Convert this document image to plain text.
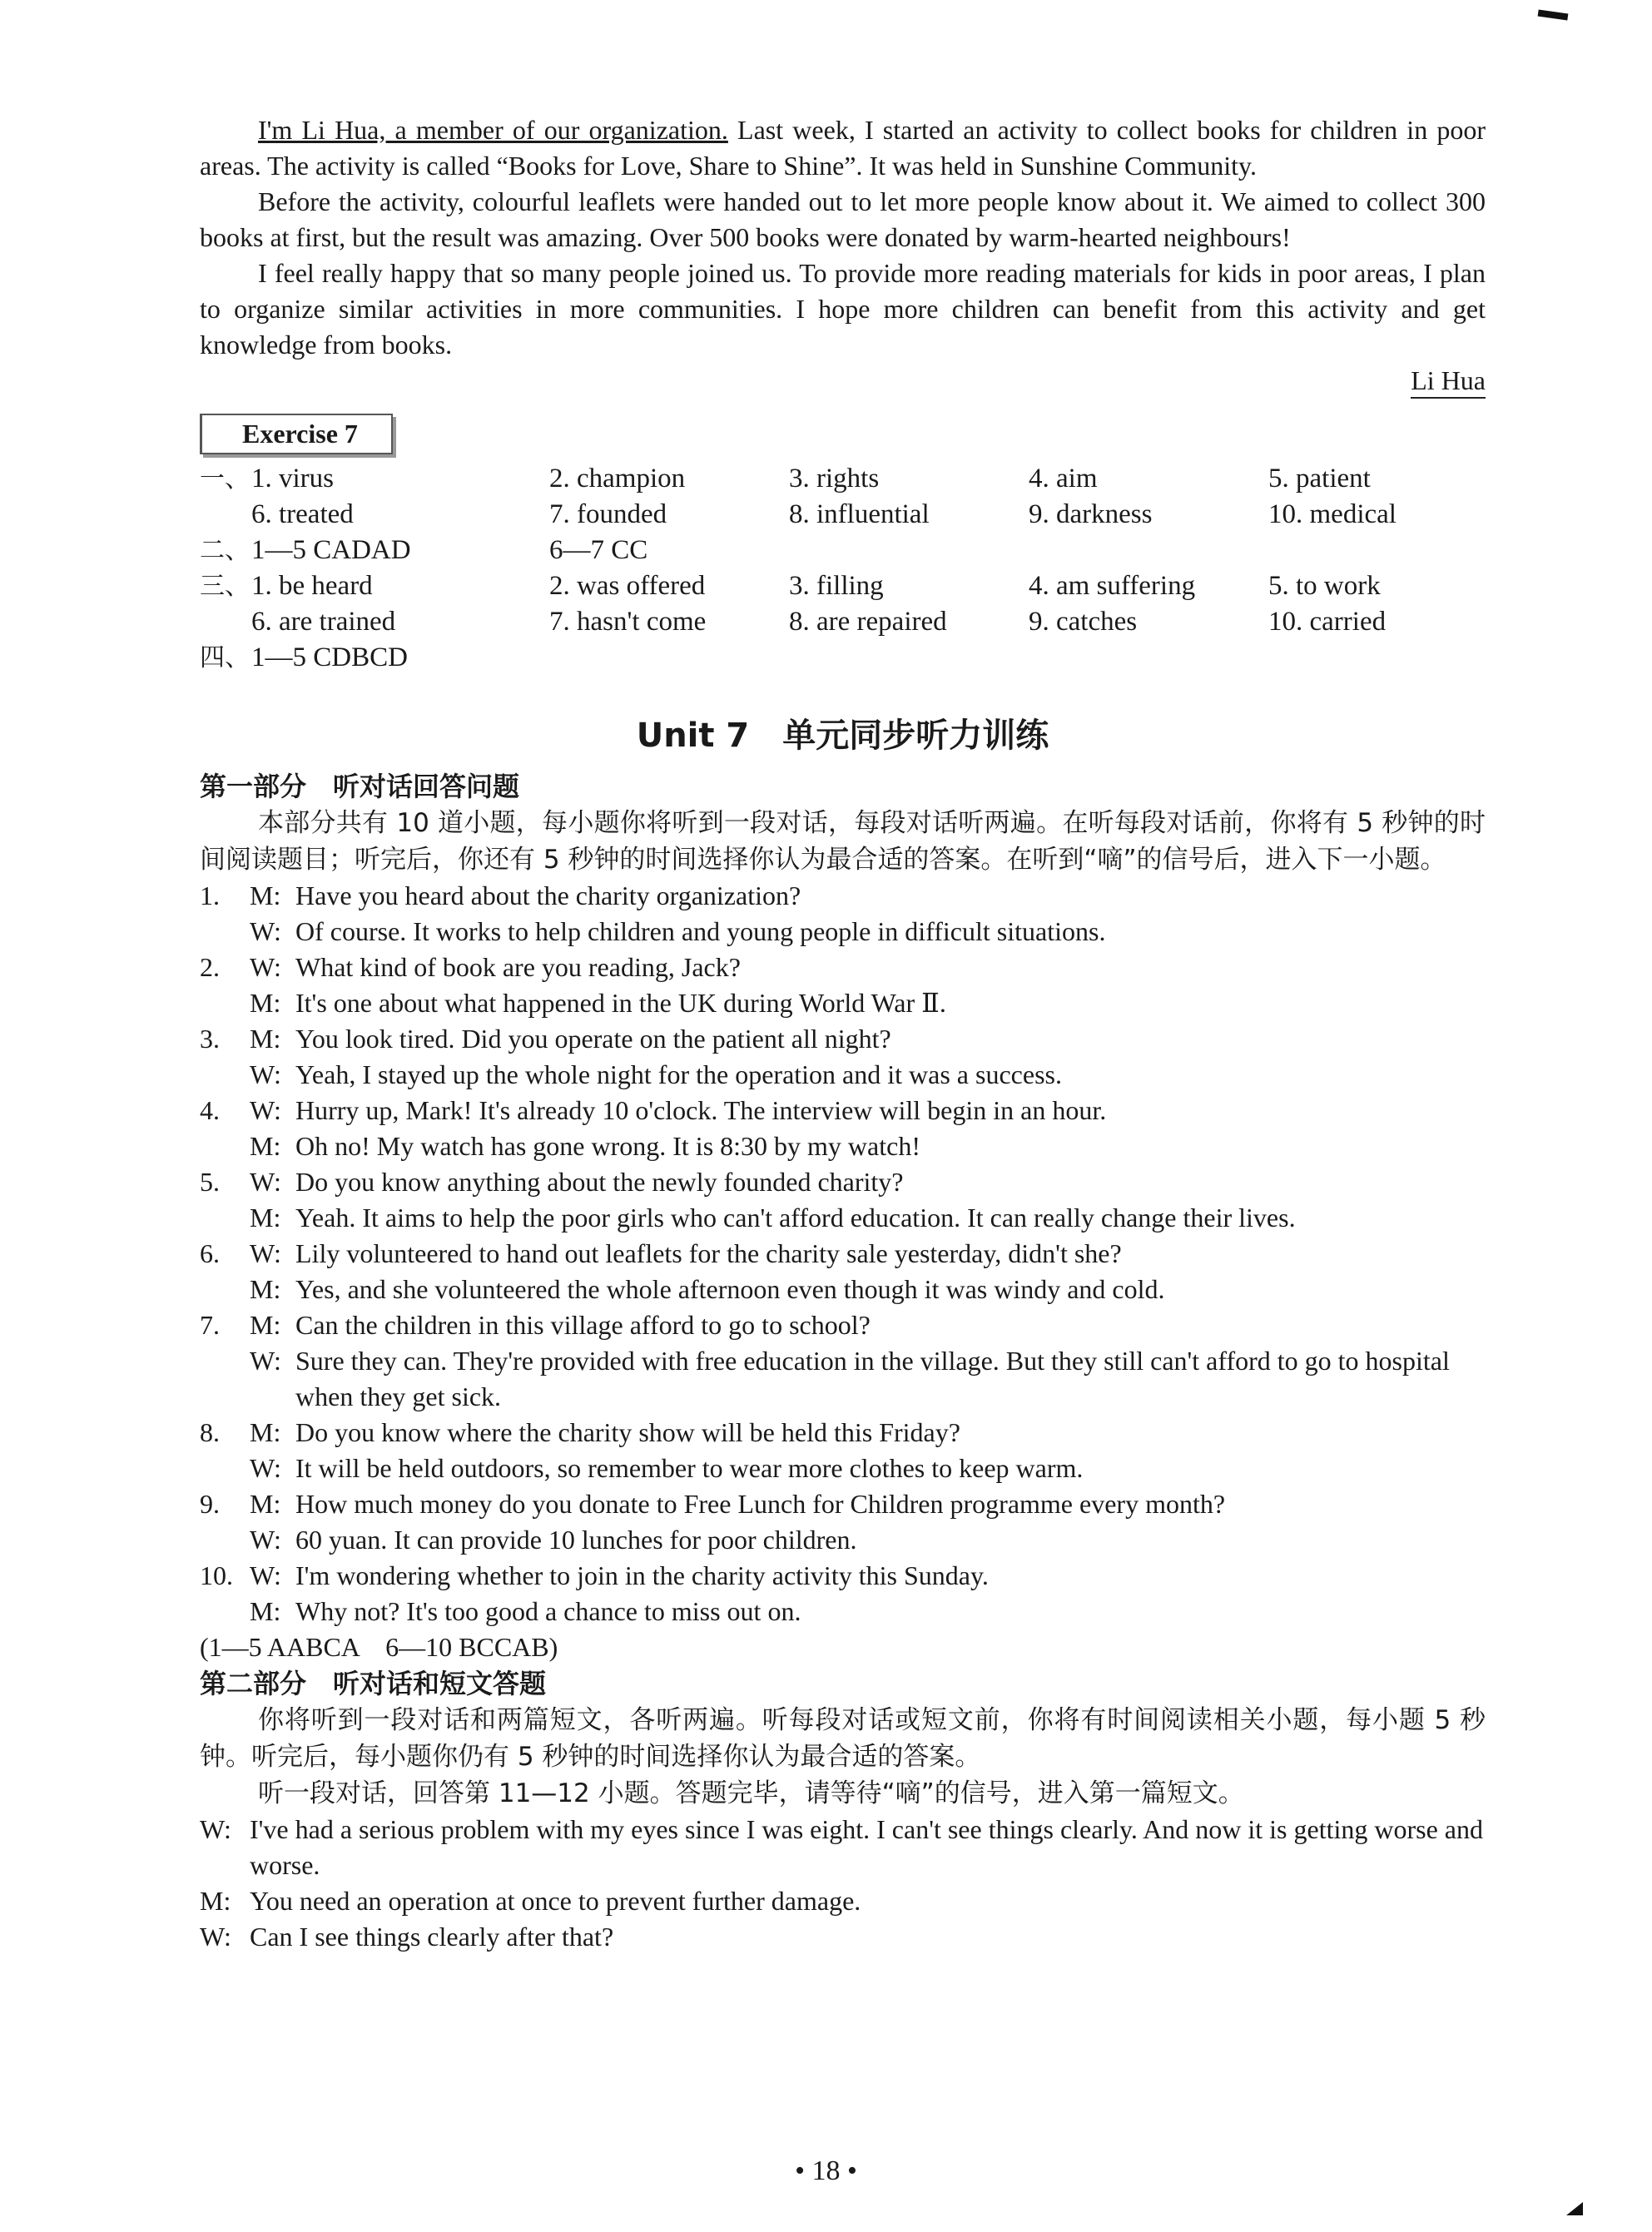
I'm Li Hua, a member of our organization. Last week, I started an activity to collect books for children in poor areas. The activity is called “Books for Love, Share to Shine”. It was held in Sunshine Community.

Before the activity, colourful leaflets were handed out to let more people know about it. We aimed to collect 300 books at first, but the result was amazing. Over 500 books were donated by warm-hearted neighbours!

I feel really happy that so many people joined us. To provide more reading materials for kids in poor areas, I plan to organize similar activities in more communities. I hope more children can benefit from this activity and get knowledge from books.

Li Hua

Exercise 7
一、 1. virus	2. champion	3. rights	4. aim	5. patient
6. treated	7. founded	8. influential	9. darkness	10. medical
二、 1—5 CADAD	6—7 CC
三、 1. be heard	2. was offered	3. filling	4. am suffering	5. to work
6. are trained	7. hasn't come	8. are repaired	9. catches	10. carried
四、 1—5 CDBCD
Unit 7　单元同步听力训练

第一部分　听对话回答问题

本部分共有 10 道小题，每小题你将听到一段对话，每段对话听两遍。在听每段对话前，你将有 5 秒钟的时间阅读题目；听完后，你还有 5 秒钟的时间选择你认为最合适的答案。在听到“嘀”的信号后，进入下一小题。

1.	M: Have you heard about the charity organization?
W: Of course. It works to help children and young people in difficult situations.
2.	W: What kind of book are you reading, Jack?
M: It's one about what happened in the UK during World War Ⅱ.
3.	M: You look tired. Did you operate on the patient all night?
W: Yeah, I stayed up the whole night for the operation and it was a success.
4.	W: Hurry up, Mark! It's already 10 o'clock. The interview will begin in an hour.
M: Oh no! My watch has gone wrong. It is 8:30 by my watch!
5.	W: Do you know anything about the newly founded charity?
M: Yeah. It aims to help the poor girls who can't afford education. It can really change their lives.
6.	W: Lily volunteered to hand out leaflets for the charity sale yesterday, didn't she?
M: Yes, and she volunteered the whole afternoon even though it was windy and cold.
7.	M: Can the children in this village afford to go to school?
W: Sure they can. They're provided with free education in the village. But they still can't afford to go to hospital when they get sick.
8.	M: Do you know where the charity show will be held this Friday?
W: It will be held outdoors, so remember to wear more clothes to keep warm.
9.	M: How much money do you donate to Free Lunch for Children programme every month?
W: 60 yuan. It can provide 10 lunches for poor children.
10. W: I'm wondering whether to join in the charity activity this Sunday.
M: Why not? It's too good a chance to miss out on.

(1—5 AABCA　6—10 BCCAB)

第二部分　听对话和短文答题

你将听到一段对话和两篇短文，各听两遍。听每段对话或短文前，你将有时间阅读相关小题，每小题 5 秒钟。听完后，每小题你仍有 5 秒钟的时间选择你认为最合适的答案。

听一段对话，回答第 11—12 小题。答题完毕，请等待“嘀”的信号，进入第一篇短文。

W: I've had a serious problem with my eyes since I was eight. I can't see things clearly. And now it is getting worse and worse.
M: You need an operation at once to prevent further damage.
W: Can I see things clearly after that?
• 18 •
